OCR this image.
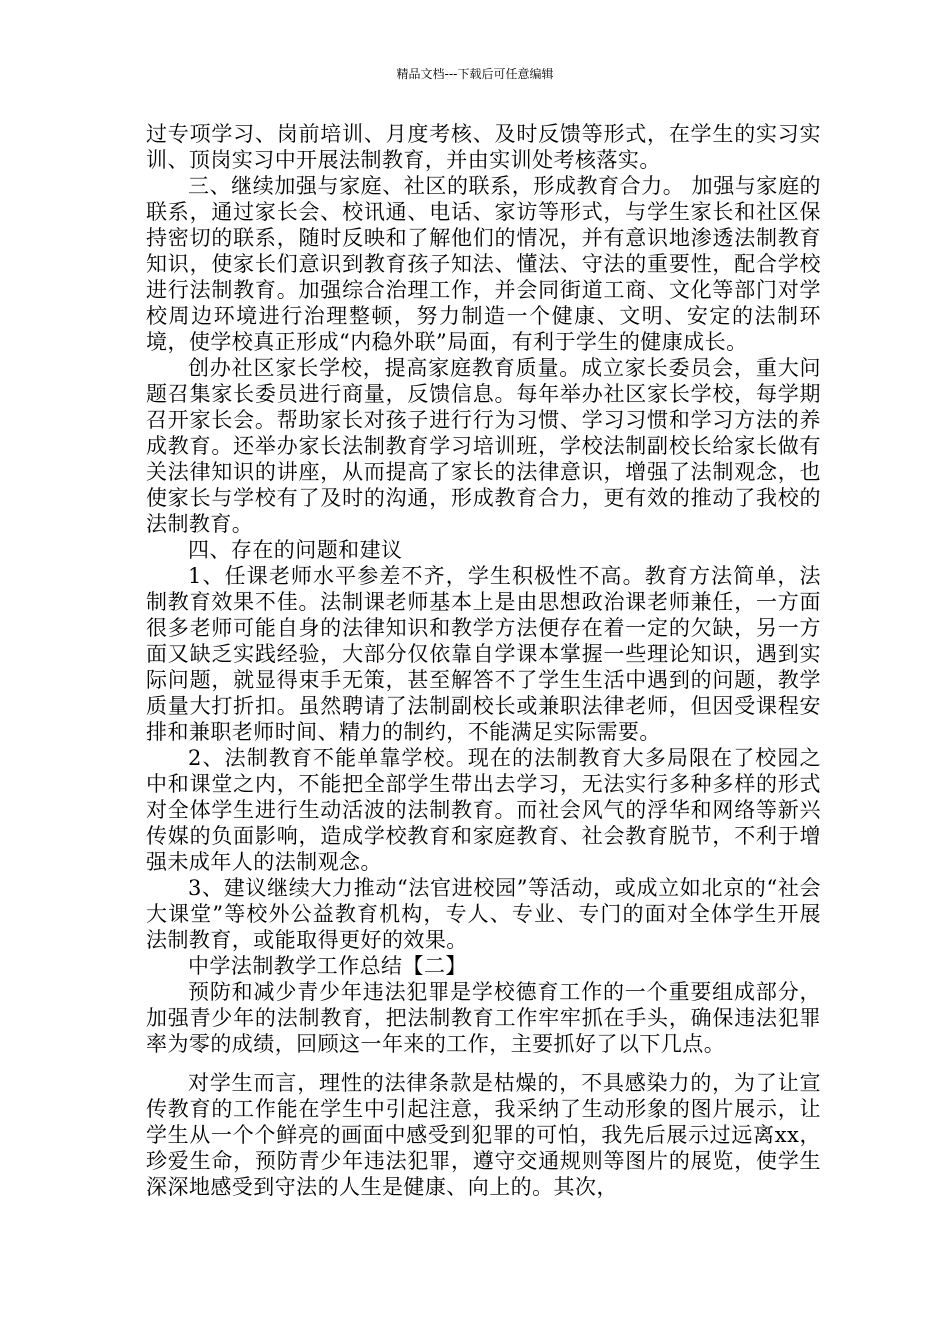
精品文档---下载后可任意编辑

过专项学习、岗前培训、月度考核、及时反馈等形式，在学生的实习实训、顶岗实习中开展法制教育，并由实训处考核落实。

三、继续加强与家庭、社区的联系，形成教育合力。 加强与家庭的联系，通过家长会、校讯通、电话、家访等形式，与学生家长和社区保持密切的联系，随时反映和了解他们的情况，并有意识地渗透法制教育知识，使家长们意识到教育孩子知法、懂法、守法的重要性，配合学校进行法制教育。加强综合治理工作，并会同街道工商、文化等部门对学校周边环境进行治理整顿，努力制造一个健康、文明、安定的法制环境，使学校真正形成“内稳外联”局面，有利于学生的健康成长。

创办社区家长学校，提高家庭教育质量。成立家长委员会，重大问题召集家长委员进行商量，反馈信息。每年举办社区家长学校，每学期召开家长会。帮助家长对孩子进行行为习惯、学习习惯和学习方法的养成教育。还举办家长法制教育学习培训班，学校法制副校长给家长做有关法律知识的讲座，从而提高了家长的法律意识，增强了法制观念，也使家长与学校有了及时的沟通，形成教育合力，更有效的推动了我校的法制教育。

四、存在的问题和建议

1、任课老师水平参差不齐，学生积极性不高。教育方法简单，法制教育效果不佳。法制课老师基本上是由思想政治课老师兼任，一方面很多老师可能自身的法律知识和教学方法便存在着一定的欠缺，另一方面又缺乏实践经验，大部分仅依靠自学课本掌握一些理论知识，遇到实际问题，就显得束手无策，甚至解答不了学生生活中遇到的问题，教学质量大打折扣。虽然聘请了法制副校长或兼职法律老师，但因受课程安排和兼职老师时间、精力的制约，不能满足实际需要。

2、法制教育不能单靠学校。现在的法制教育大多局限在了校园之中和课堂之内，不能把全部学生带出去学习，无法实行多种多样的形式对全体学生进行生动活波的法制教育。而社会风气的浮华和网络等新兴传媒的负面影响，造成学校教育和家庭教育、社会教育脱节，不利于增强未成年人的法制观念。

3、建议继续大力推动“法官进校园”等活动，或成立如北京的“社会大课堂”等校外公益教育机构，专人、专业、专门的面对全体学生开展法制教育，或能取得更好的效果。

中学法制教学工作总结【二】

预防和减少青少年违法犯罪是学校德育工作的一个重要组成部分，加强青少年的法制教育，把法制教育工作牢牢抓在手头，确保违法犯罪率为零的成绩，回顾这一年来的工作，主要抓好了以下几点。

对学生而言，理性的法律条款是枯燥的，不具感染力的，为了让宣传教育的工作能在学生中引起注意，我采纳了生动形象的图片展示，让学生从一个个鲜亮的画面中感受到犯罪的可怕，我先后展示过远离xx，珍爱生命，预防青少年违法犯罪，遵守交通规则等图片的展览，使学生深深地感受到守法的人生是健康、向上的。其次，
